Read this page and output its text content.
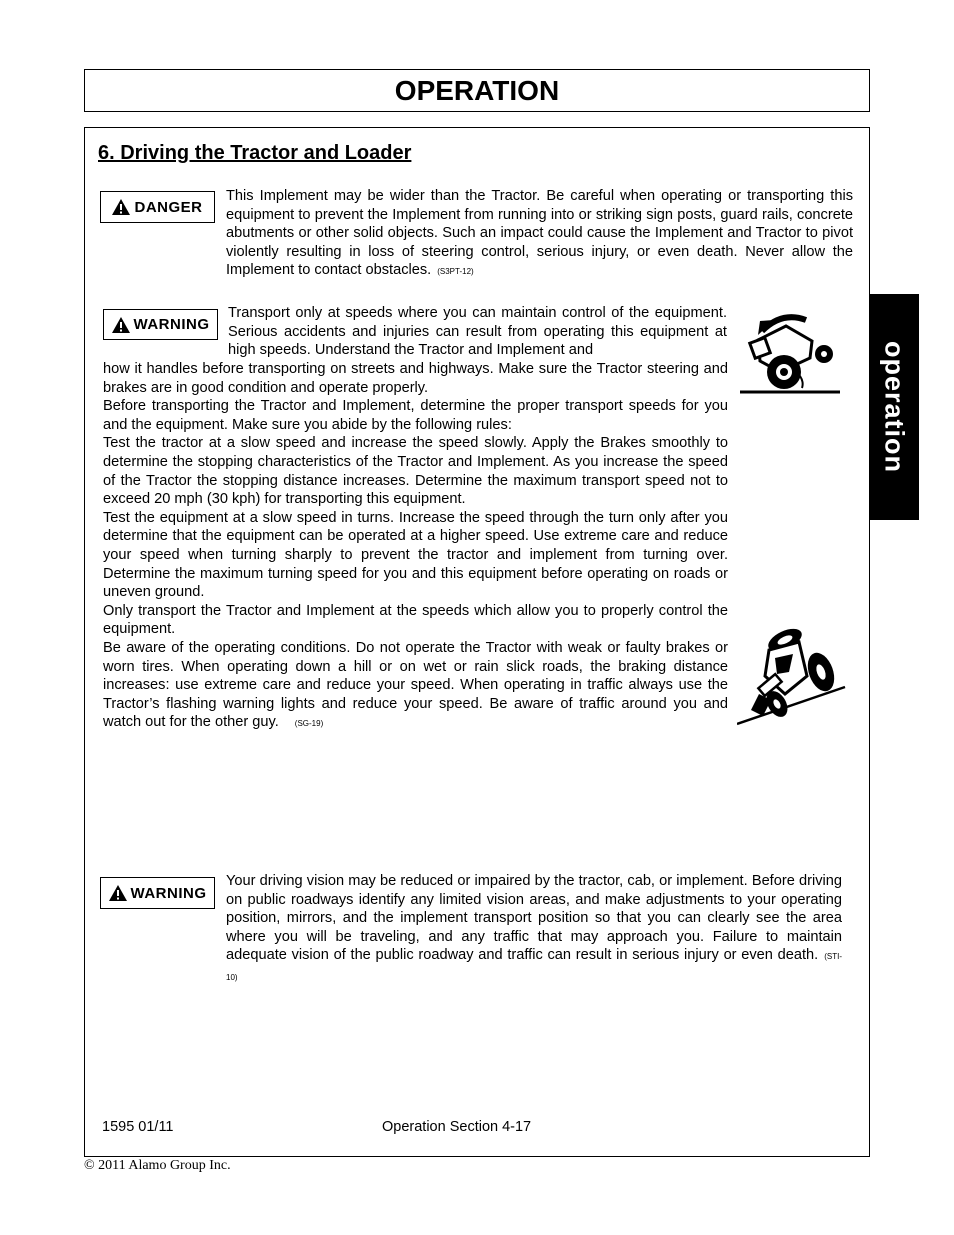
OPERATION
6. Driving the Tractor and Loader
operation
DANGER
This Implement may be wider than the Tractor. Be careful when operating or transporting this equipment to prevent the Implement from running into or striking sign posts, guard rails, concrete abutments or other solid objects. Such an impact could cause the Implement and Tractor to pivot violently resulting in loss of steering control, serious injury, or even death. Never allow the Implement to contact obstacles. (S3PT-12)
WARNING
Transport only at speeds where you can maintain control of the equipment. Serious accidents and injuries can result from operating this equipment at high speeds. Understand the Tractor and Implement and

how it handles before transporting on streets and highways. Make sure the Tractor steering and brakes are in good condition and operate properly.

Before transporting the Tractor and Implement, determine the proper transport speeds for you and the equipment. Make sure you abide by the following rules:

Test the tractor at a slow speed and increase the speed slowly. Apply the Brakes smoothly to determine the stopping characteristics of the Tractor and Implement. As you increase the speed of the Tractor the stopping distance increases. Determine the maximum transport speed not to exceed 20 mph (30 kph) for transporting this equipment.

Test the equipment at a slow speed in turns. Increase the speed through the turn only after you determine that the equipment can be operated at a higher speed. Use extreme care and reduce your speed when turning sharply to prevent the tractor and implement from turning over. Determine the maximum turning speed for you and this equipment before operating on roads or uneven ground.

Only transport the Tractor and Implement at the speeds which allow you to properly control the equipment.

Be aware of the operating conditions. Do not operate the Tractor with weak or faulty brakes or worn tires. When operating down a hill or on wet or rain slick roads, the braking distance increases: use extreme care and reduce your speed. When operating in traffic always use the Tractor’s flashing warning lights and reduce your speed. Be aware of traffic around you and watch out for the other guy. (SG-19)

WARNING
Your driving vision may be reduced or impaired by the tractor, cab, or implement. Before driving on public roadways identify any limited vision areas, and make adjustments to your operating position, mirrors, and the implement transport position so that you can clearly see the area where you will be traveling, and any traffic that may approach you. Failure to maintain adequate vision of the public roadway and traffic can result in serious injury or even death. (STI-10)
1595 01/11	Operation Section 4-17
© 2011 Alamo Group Inc.
